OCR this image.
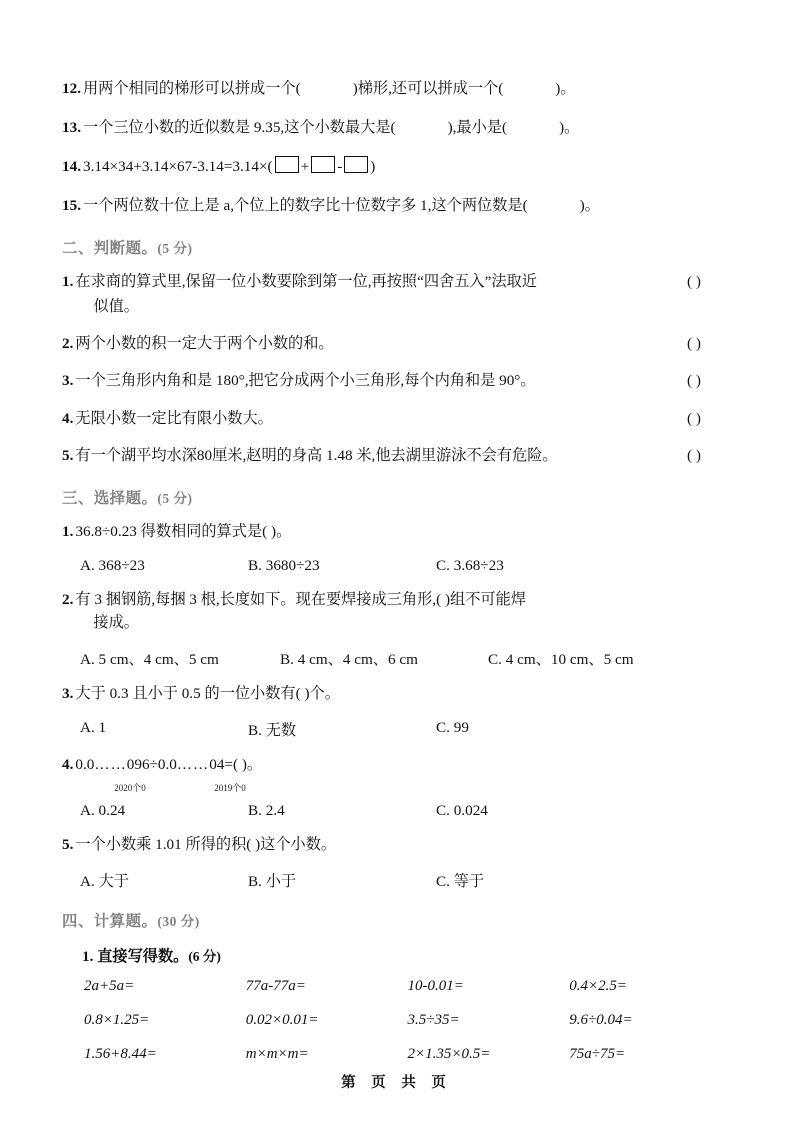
12. 用两个相同的梯形可以拼成一个(	)梯形,还可以拼成一个(	)。
13. 一个三位小数的近似数是 9.35,这个小数最大是(	),最小是(	)。
14. 3.14×34+3.14×67-3.14=3.14×( + - )
15. 一个两位数十位上是 a,个位上的数字比十位数字多 1,这个两位数是(	)。
二、判断题。(5 分)
1. 在求商的算式里,保留一位小数要除到第一位,再按照“四舍五入”法取近
似值。
( )
2. 两个小数的积一定大于两个小数的和。	( )
3. 一个三角形内角和是 180°,把它分成两个小三角形,每个内角和是 90°。	( )
4. 无限小数一定比有限小数大。	( )
5. 有一个湖平均水深80厘米,赵明的身高 1.48 米,他去湖里游泳不会有危险。	( )
三、选择题。(5 分)
1. 36.8÷0.23 得数相同的算式是( )。
A. 368÷23	B. 3680÷23	C. 3.68÷23
2. 有 3 捆钢筋,每捆 3 根,长度如下。现在要焊接成三角形,( )组不可能焊
接成。
A. 5 cm、4 cm、5 cm	B. 4 cm、4 cm、6 cm	C. 4 cm、10 cm、5 cm
3. 大于 0.3 且小于 0.5 的一位小数有( )个。
A. 1	B. 无数	C. 99
4. 0.0……096÷0.0……04=( )。
2020个0	2019个0
A. 0.24	B. 2.4	C. 0.024
5. 一个小数乘 1.01 所得的积( )这个小数。
A. 大于	B. 小于	C. 等于
四、计算题。(30 分)
1. 直接写得数。(6 分)
2a+5a=	77a-77a=	10-0.01=	0.4×2.5=
0.8×1.25=	0.02×0.01=	3.5÷35=	9.6÷0.04=
1.56+8.44=	m×m×m=	2×1.35×0.5=	75a÷75=
第 页 共 页
